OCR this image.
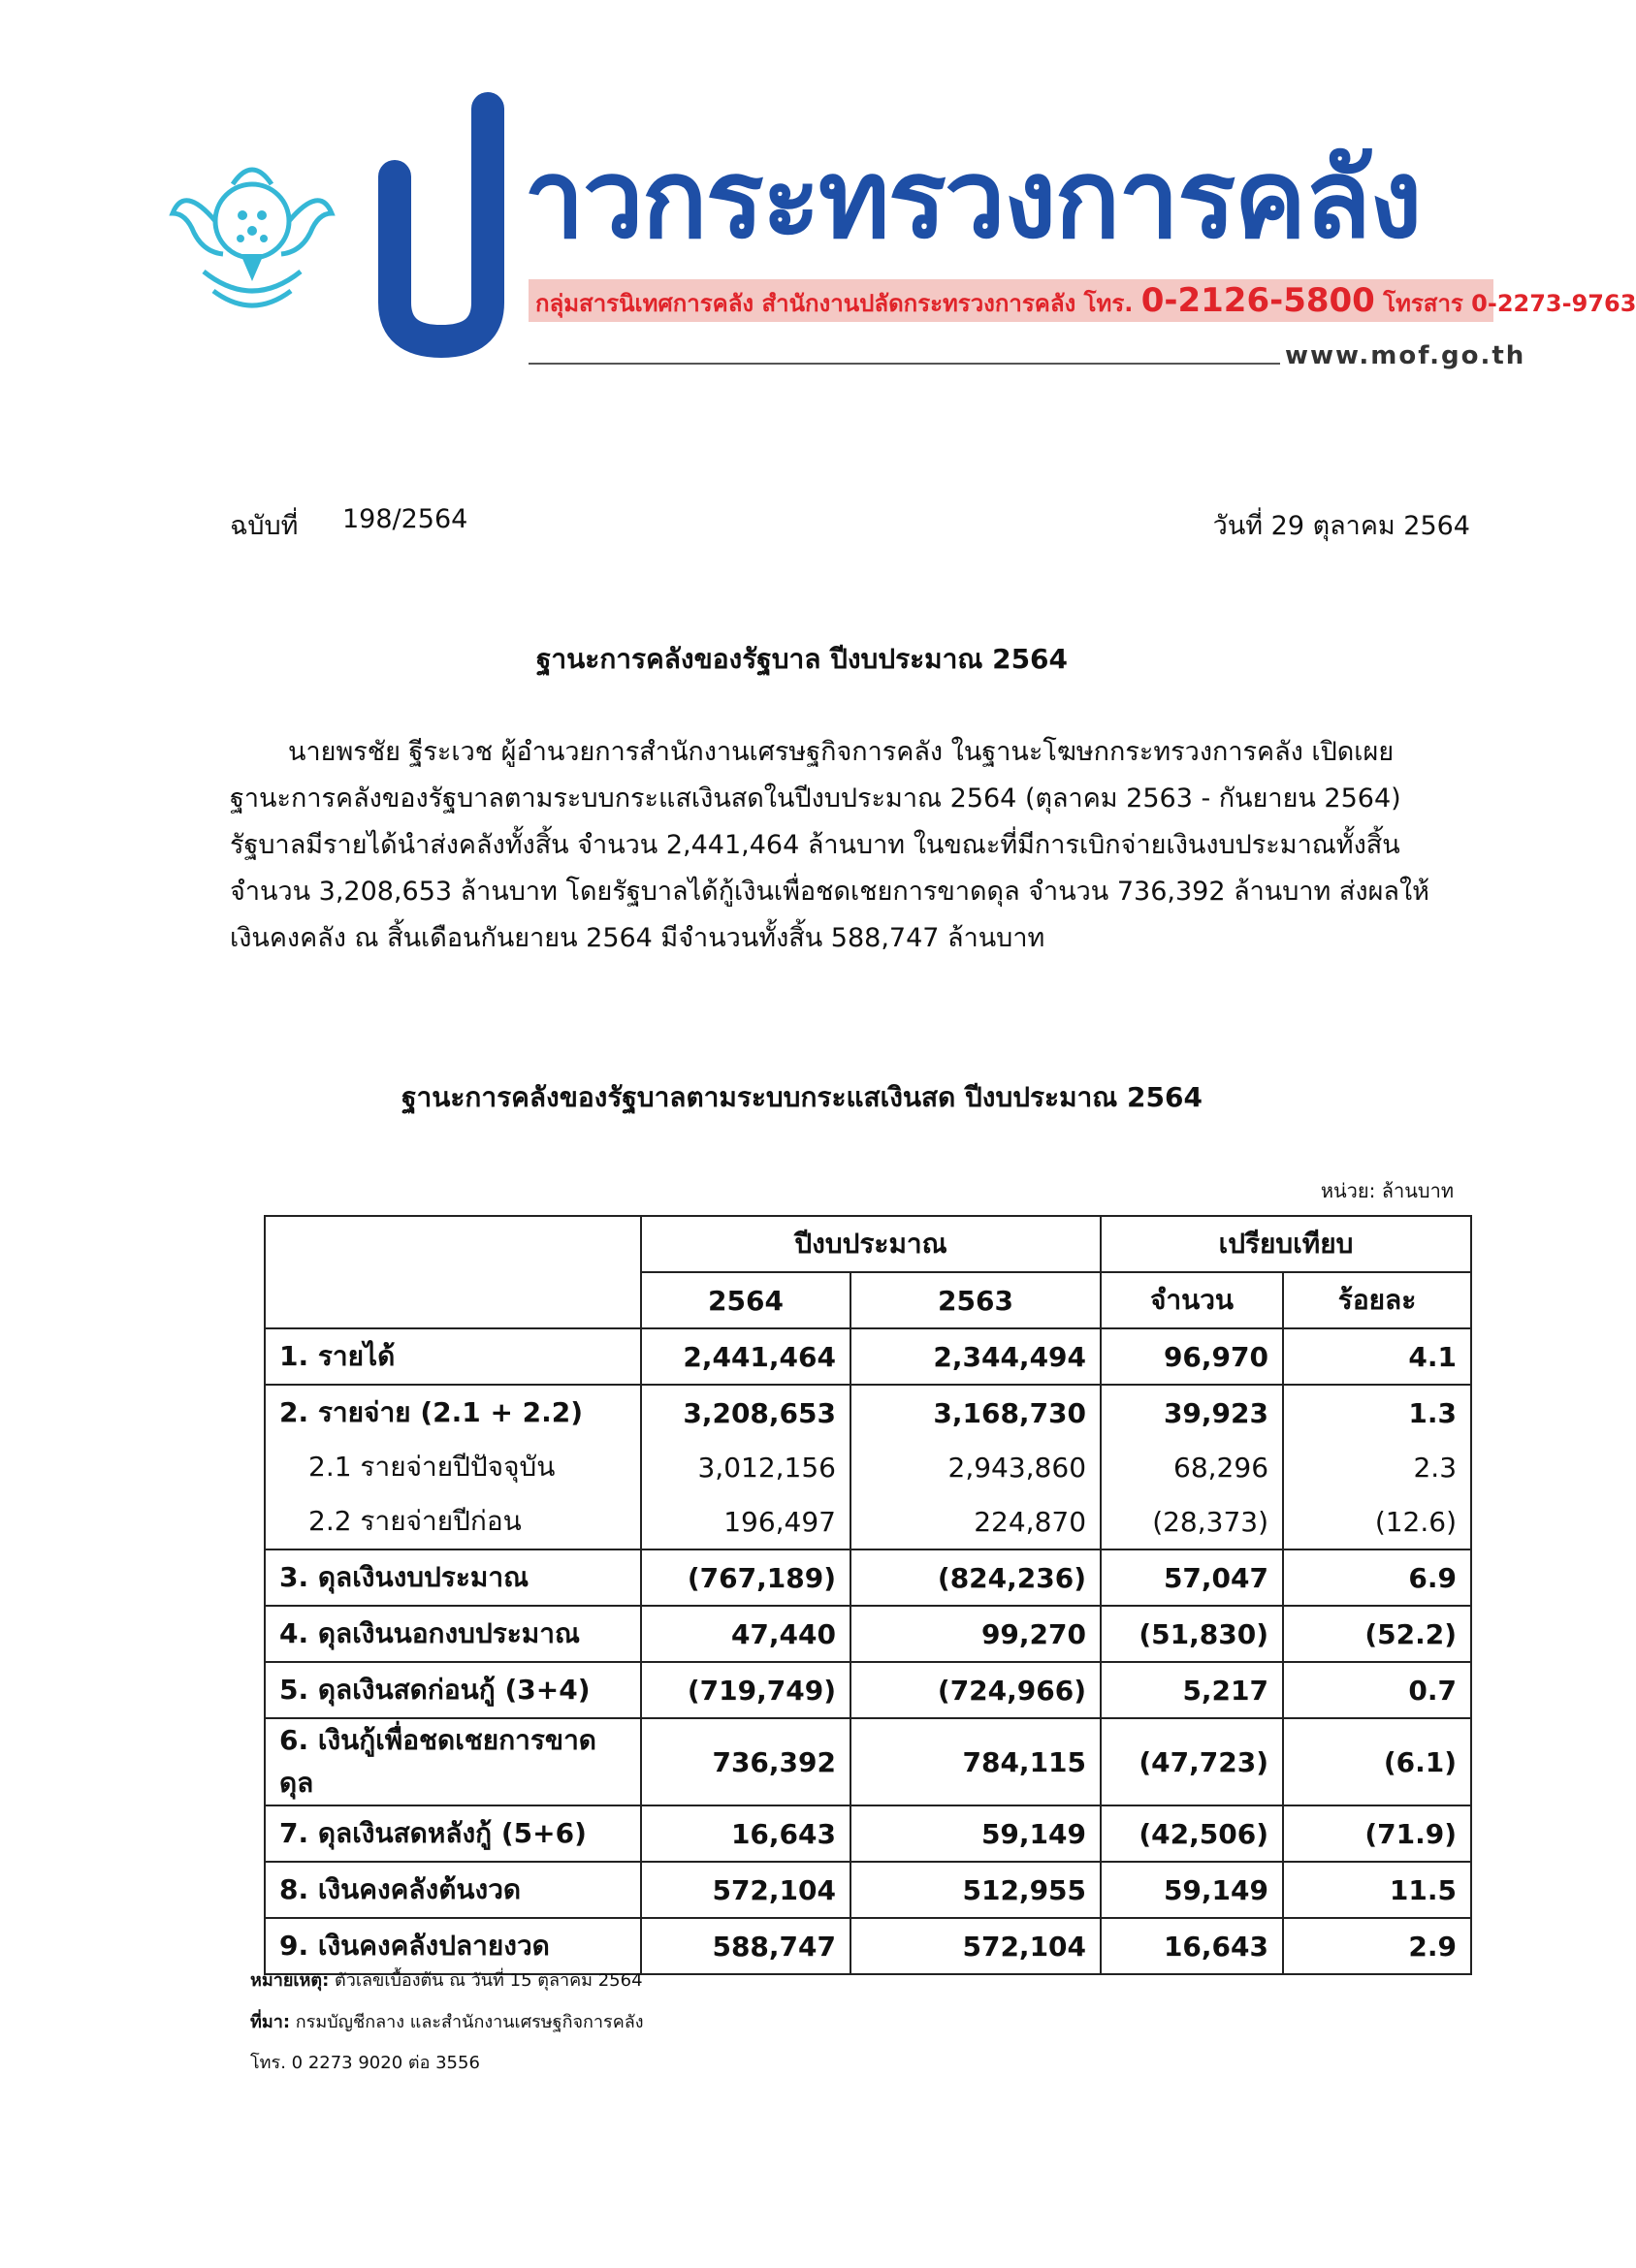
าวกระทรวงการคลัง
กลุ่มสารนิเทศการคลัง สำนักงานปลัดกระทรวงการคลัง โทร. 0-2126-5800 โทรสาร 0-2273-9763
www.mof.go.th
ฉบับที่ 198/2564	วันที่ 29 ตุลาคม 2564
ฐานะการคลังของรัฐบาล ปีงบประมาณ 2564
นายพรชัย ฐีระเวช ผู้อำนวยการสำนักงานเศรษฐกิจการคลัง ในฐานะโฆษกกระทรวงการคลัง เปิดเผย
ฐานะการคลังของรัฐบาลตามระบบกระแสเงินสดในปีงบประมาณ 2564 (ตุลาคม 2563 - กันยายน 2564)
รัฐบาลมีรายได้นำส่งคลังทั้งสิ้น จำนวน 2,441,464 ล้านบาท ในขณะที่มีการเบิกจ่ายเงินงบประมาณทั้งสิ้น
จำนวน 3,208,653 ล้านบาท โดยรัฐบาลได้กู้เงินเพื่อชดเชยการขาดดุล จำนวน 736,392 ล้านบาท ส่งผลให้
เงินคงคลัง ณ สิ้นเดือนกันยายน 2564 มีจำนวนทั้งสิ้น 588,747 ล้านบาท
ฐานะการคลังของรัฐบาลตามระบบกระแสเงินสด ปีงบประมาณ 2564
หน่วย: ล้านบาท
	ปีงบประมาณ		เปรียบเทียบ	
	2564	2563	จำนวน	ร้อยละ
1. รายได้	2,441,464	2,344,494	96,970	4.1
2. รายจ่าย (2.1 + 2.2)	3,208,653	3,168,730	39,923	1.3
2.1 รายจ่ายปีปัจจุบัน	3,012,156	2,943,860	68,296	2.3
2.2 รายจ่ายปีก่อน	196,497	224,870	(28,373)	(12.6)
3. ดุลเงินงบประมาณ	(767,189)	(824,236)	57,047	6.9
4. ดุลเงินนอกงบประมาณ	47,440	99,270	(51,830)	(52.2)
5. ดุลเงินสดก่อนกู้ (3+4)	(719,749)	(724,966)	5,217	0.7
6. เงินกู้เพื่อชดเชยการขาดดุล	736,392	784,115	(47,723)	(6.1)
7. ดุลเงินสดหลังกู้ (5+6)	16,643	59,149	(42,506)	(71.9)
8. เงินคงคลังต้นงวด	572,104	512,955	59,149	11.5
9. เงินคงคลังปลายงวด	588,747	572,104	16,643	2.9
หมายเหตุ: ตัวเลขเบื้องต้น ณ วันที่ 15 ตุลาคม 2564
ที่มา: กรมบัญชีกลาง และสำนักงานเศรษฐกิจการคลัง
โทร. 0 2273 9020 ต่อ 3556
